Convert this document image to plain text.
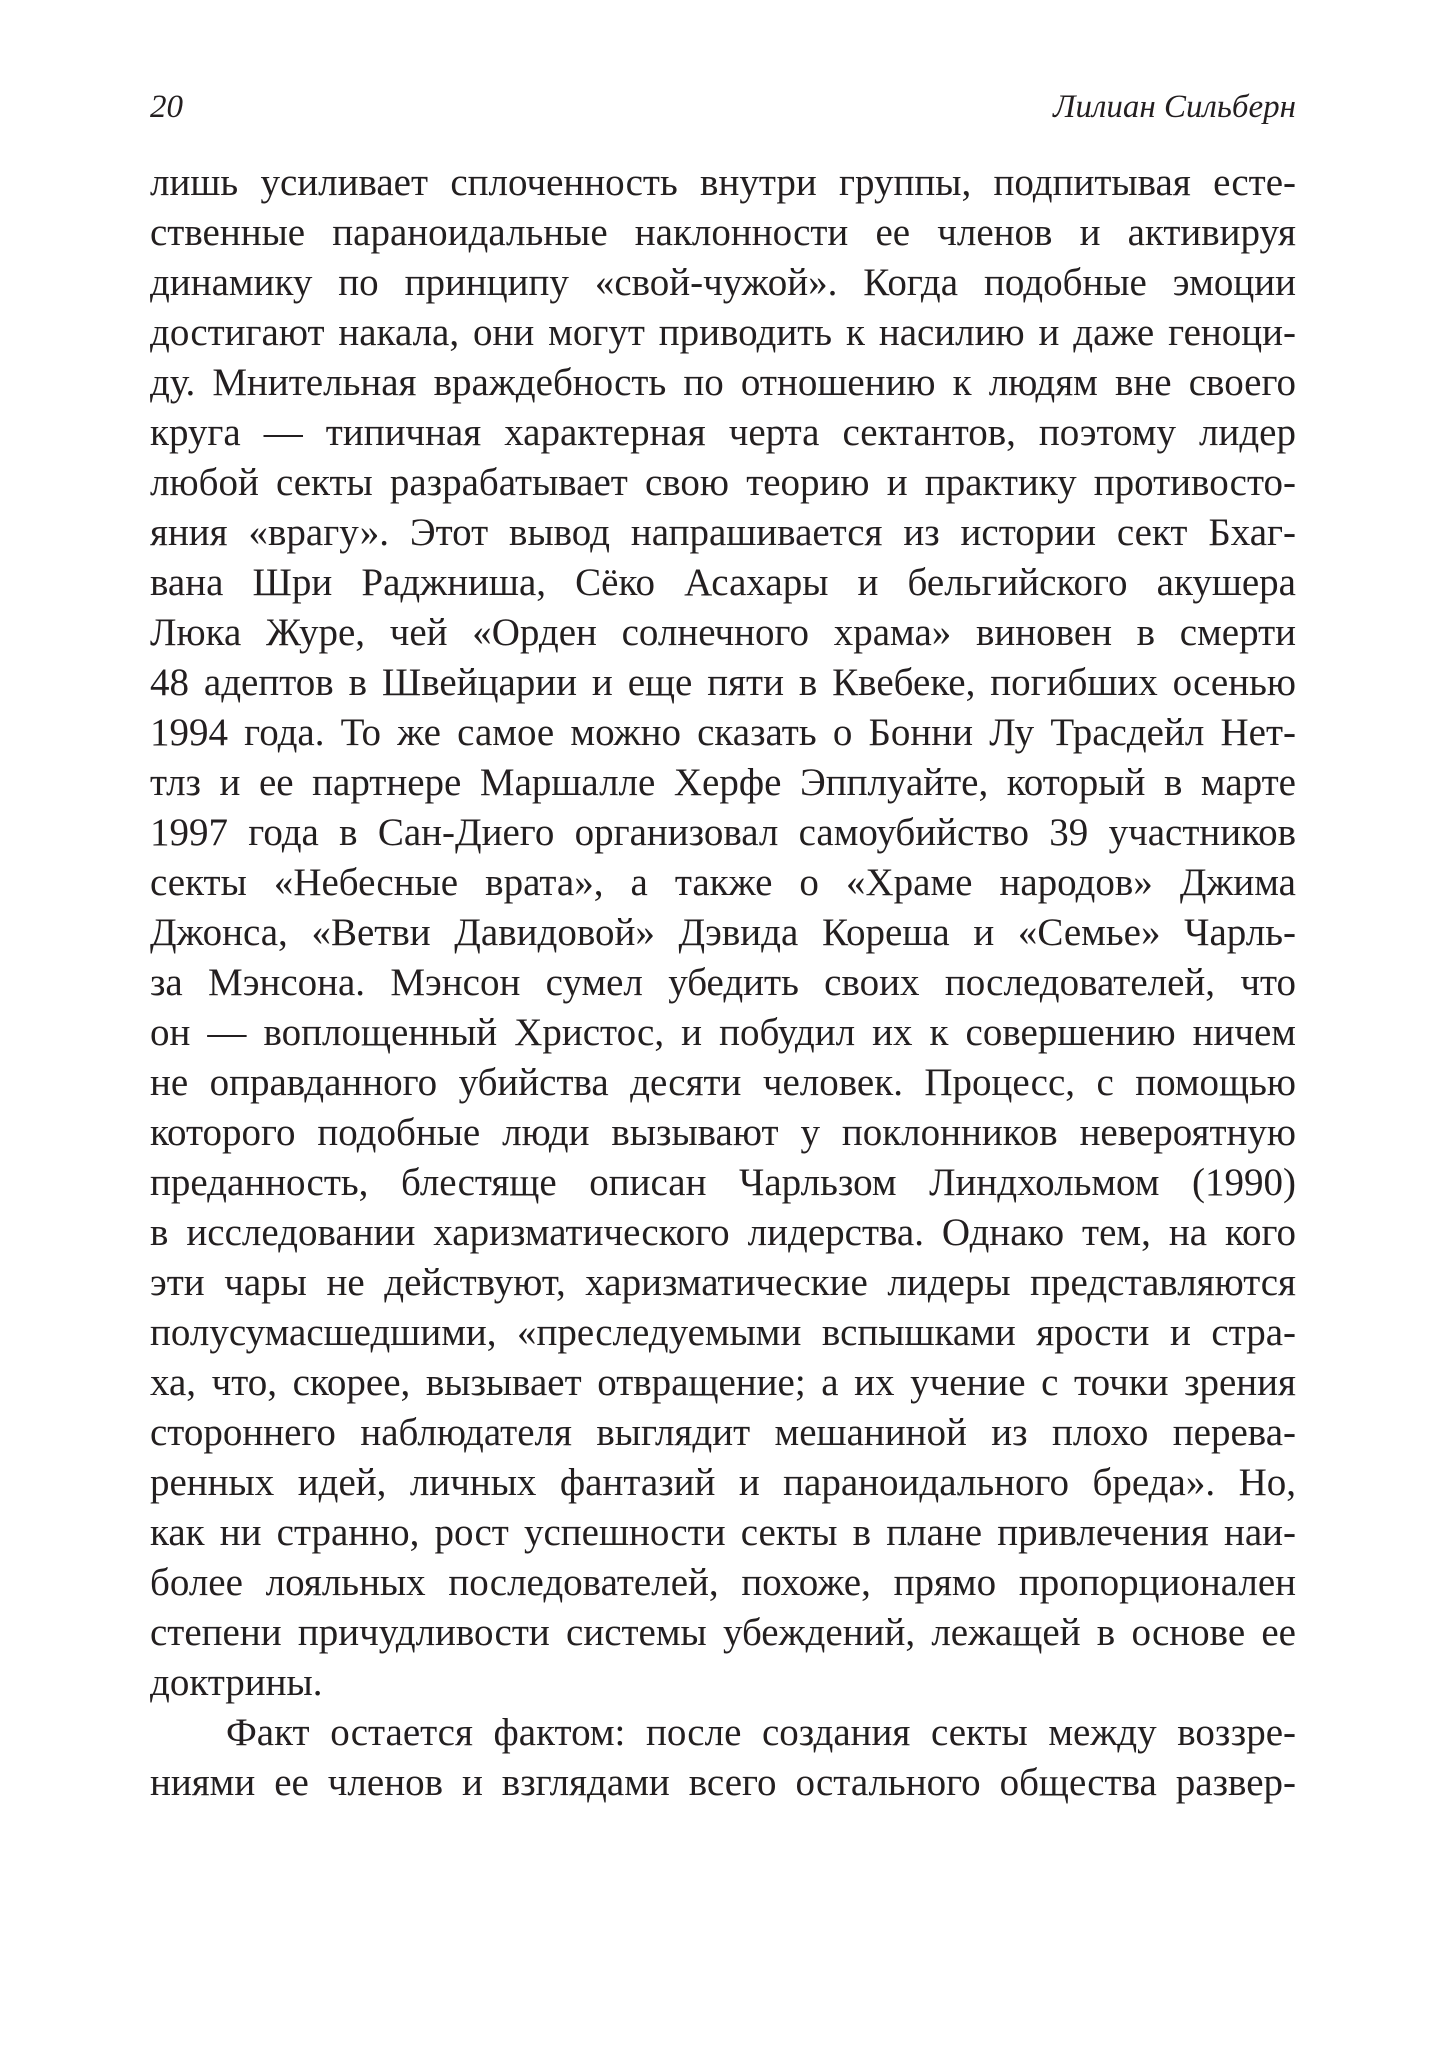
20	Лилиан Сильберн
лишь усиливает сплоченность внутри группы, подпитывая есте-
ственные параноидальные наклонности ее членов и активируя
динамику по принципу «свой-чужой». Когда подобные эмоции
достигают накала, они могут приводить к насилию и даже геноци-
ду. Мнительная враждебность по отношению к людям вне своего
круга — типичная характерная черта сектантов, поэтому лидер
любой секты разрабатывает свою теорию и практику противосто-
яния «врагу». Этот вывод напрашивается из истории сект Бхаг-
вана Шри Раджниша, Сёко Асахары и бельгийского акушера
Люка Журе, чей «Орден солнечного храма» виновен в смерти
48 адептов в Швейцарии и еще пяти в Квебеке, погибших осенью
1994 года. То же самое можно сказать о Бонни Лу Трасдейл Нет-
тлз и ее партнере Маршалле Херфе Эпплуайте, который в марте
1997 года в Сан-Диего организовал самоубийство 39 участников
секты «Небесные врата», а также о «Храме народов» Джима
Джонса, «Ветви Давидовой» Дэвида Кореша и «Семье» Чарль-
за Мэнсона. Мэнсон сумел убедить своих последователей, что
он — воплощенный Христос, и побудил их к совершению ничем
не оправданного убийства десяти человек. Процесс, с помощью
которого подобные люди вызывают у поклонников невероятную
преданность, блестяще описан Чарльзом Линдхольмом (1990)
в исследовании харизматического лидерства. Однако тем, на кого
эти чары не действуют, харизматические лидеры представляются
полусумасшедшими, «преследуемыми вспышками ярости и стра-
ха, что, скорее, вызывает отвращение; а их учение с точки зрения
стороннего наблюдателя выглядит мешаниной из плохо перева-
ренных идей, личных фантазий и параноидального бреда». Но,
как ни странно, рост успешности секты в плане привлечения наи-
более лояльных последователей, похоже, прямо пропорционален
степени причудливости системы убеждений, лежащей в основе ее
доктрины.
Факт остается фактом: после создания секты между воззре-
ниями ее членов и взглядами всего остального общества развер-
